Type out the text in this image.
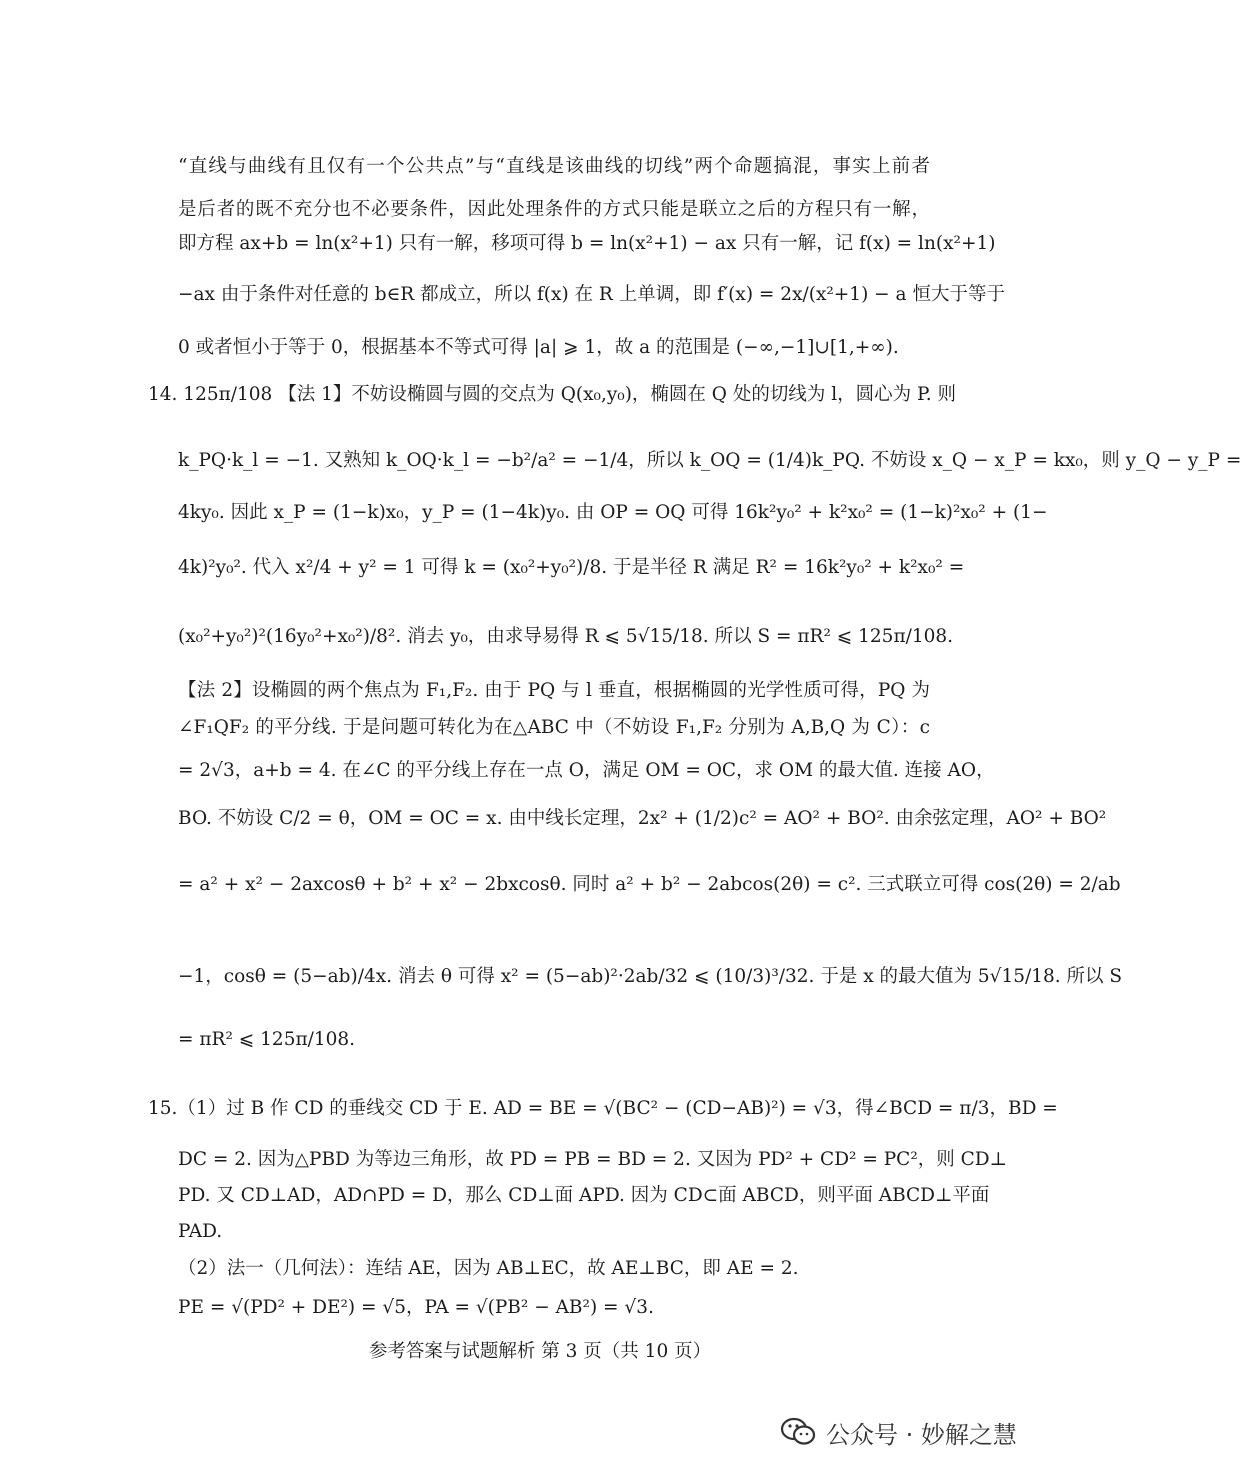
“直线与曲线有且仅有一个公共点”与“直线是该曲线的切线”两个命题搞混，事实上前者
是后者的既不充分也不必要条件，因此处理条件的方式只能是联立之后的方程只有一解，
即方程 ax+b = ln(x²+1) 只有一解，移项可得 b = ln(x²+1) − ax 只有一解，记 f(x) = ln(x²+1)
−ax 由于条件对任意的 b∈R 都成立，所以 f(x) 在 R 上单调，即 f′(x) = 2x/(x²+1) − a 恒大于等于
0 或者恒小于等于 0，根据基本不等式可得 |a| ⩾ 1，故 a 的范围是 (−∞,−1]∪[1,+∞).
14. 125π/108 【法 1】不妨设椭圆与圆的交点为 Q(x₀,y₀)，椭圆在 Q 处的切线为 l，圆心为 P. 则
k_PQ·k_l = −1. 又熟知 k_OQ·k_l = −b²/a² = −1/4，所以 k_OQ = (1/4)k_PQ. 不妨设 x_Q − x_P = kx₀，则 y_Q − y_P =
4ky₀. 因此 x_P = (1−k)x₀，y_P = (1−4k)y₀. 由 OP = OQ 可得 16k²y₀² + k²x₀² = (1−k)²x₀² + (1−
4k)²y₀². 代入 x²/4 + y² = 1 可得 k = (x₀²+y₀²)/8. 于是半径 R 满足 R² = 16k²y₀² + k²x₀² =
(x₀²+y₀²)²(16y₀²+x₀²)/8². 消去 y₀，由求导易得 R ⩽ 5√15/18. 所以 S = πR² ⩽ 125π/108.
【法 2】设椭圆的两个焦点为 F₁,F₂. 由于 PQ 与 l 垂直，根据椭圆的光学性质可得，PQ 为
∠F₁QF₂ 的平分线. 于是问题可转化为在△ABC 中（不妨设 F₁,F₂ 分别为 A,B,Q 为 C）：c
= 2√3，a+b = 4. 在∠C 的平分线上存在一点 O，满足 OM = OC，求 OM 的最大值. 连接 AO，
BO. 不妨设 C/2 = θ，OM = OC = x. 由中线长定理，2x² + (1/2)c² = AO² + BO². 由余弦定理，AO² + BO²
= a² + x² − 2axcosθ + b² + x² − 2bxcosθ. 同时 a² + b² − 2abcos(2θ) = c². 三式联立可得 cos(2θ) = 2/ab
−1，cosθ = (5−ab)/4x. 消去 θ 可得 x² = (5−ab)²·2ab/32 ⩽ (10/3)³/32. 于是 x 的最大值为 5√15/18. 所以 S
= πR² ⩽ 125π/108.
15.（1）过 B 作 CD 的垂线交 CD 于 E. AD = BE = √(BC² − (CD−AB)²) = √3，得∠BCD = π/3，BD =
DC = 2. 因为△PBD 为等边三角形，故 PD = PB = BD = 2. 又因为 PD² + CD² = PC²，则 CD⊥
PD. 又 CD⊥AD，AD∩PD = D，那么 CD⊥面 APD. 因为 CD⊂面 ABCD，则平面 ABCD⊥平面
PAD.
（2）法一（几何法）：连结 AE，因为 AB⊥EC，故 AE⊥BC，即 AE = 2.
PE = √(PD² + DE²) = √5，PA = √(PB² − AB²) = √3.
参考答案与试题解析 第 3 页（共 10 页）
公众号 · 妙解之慧
